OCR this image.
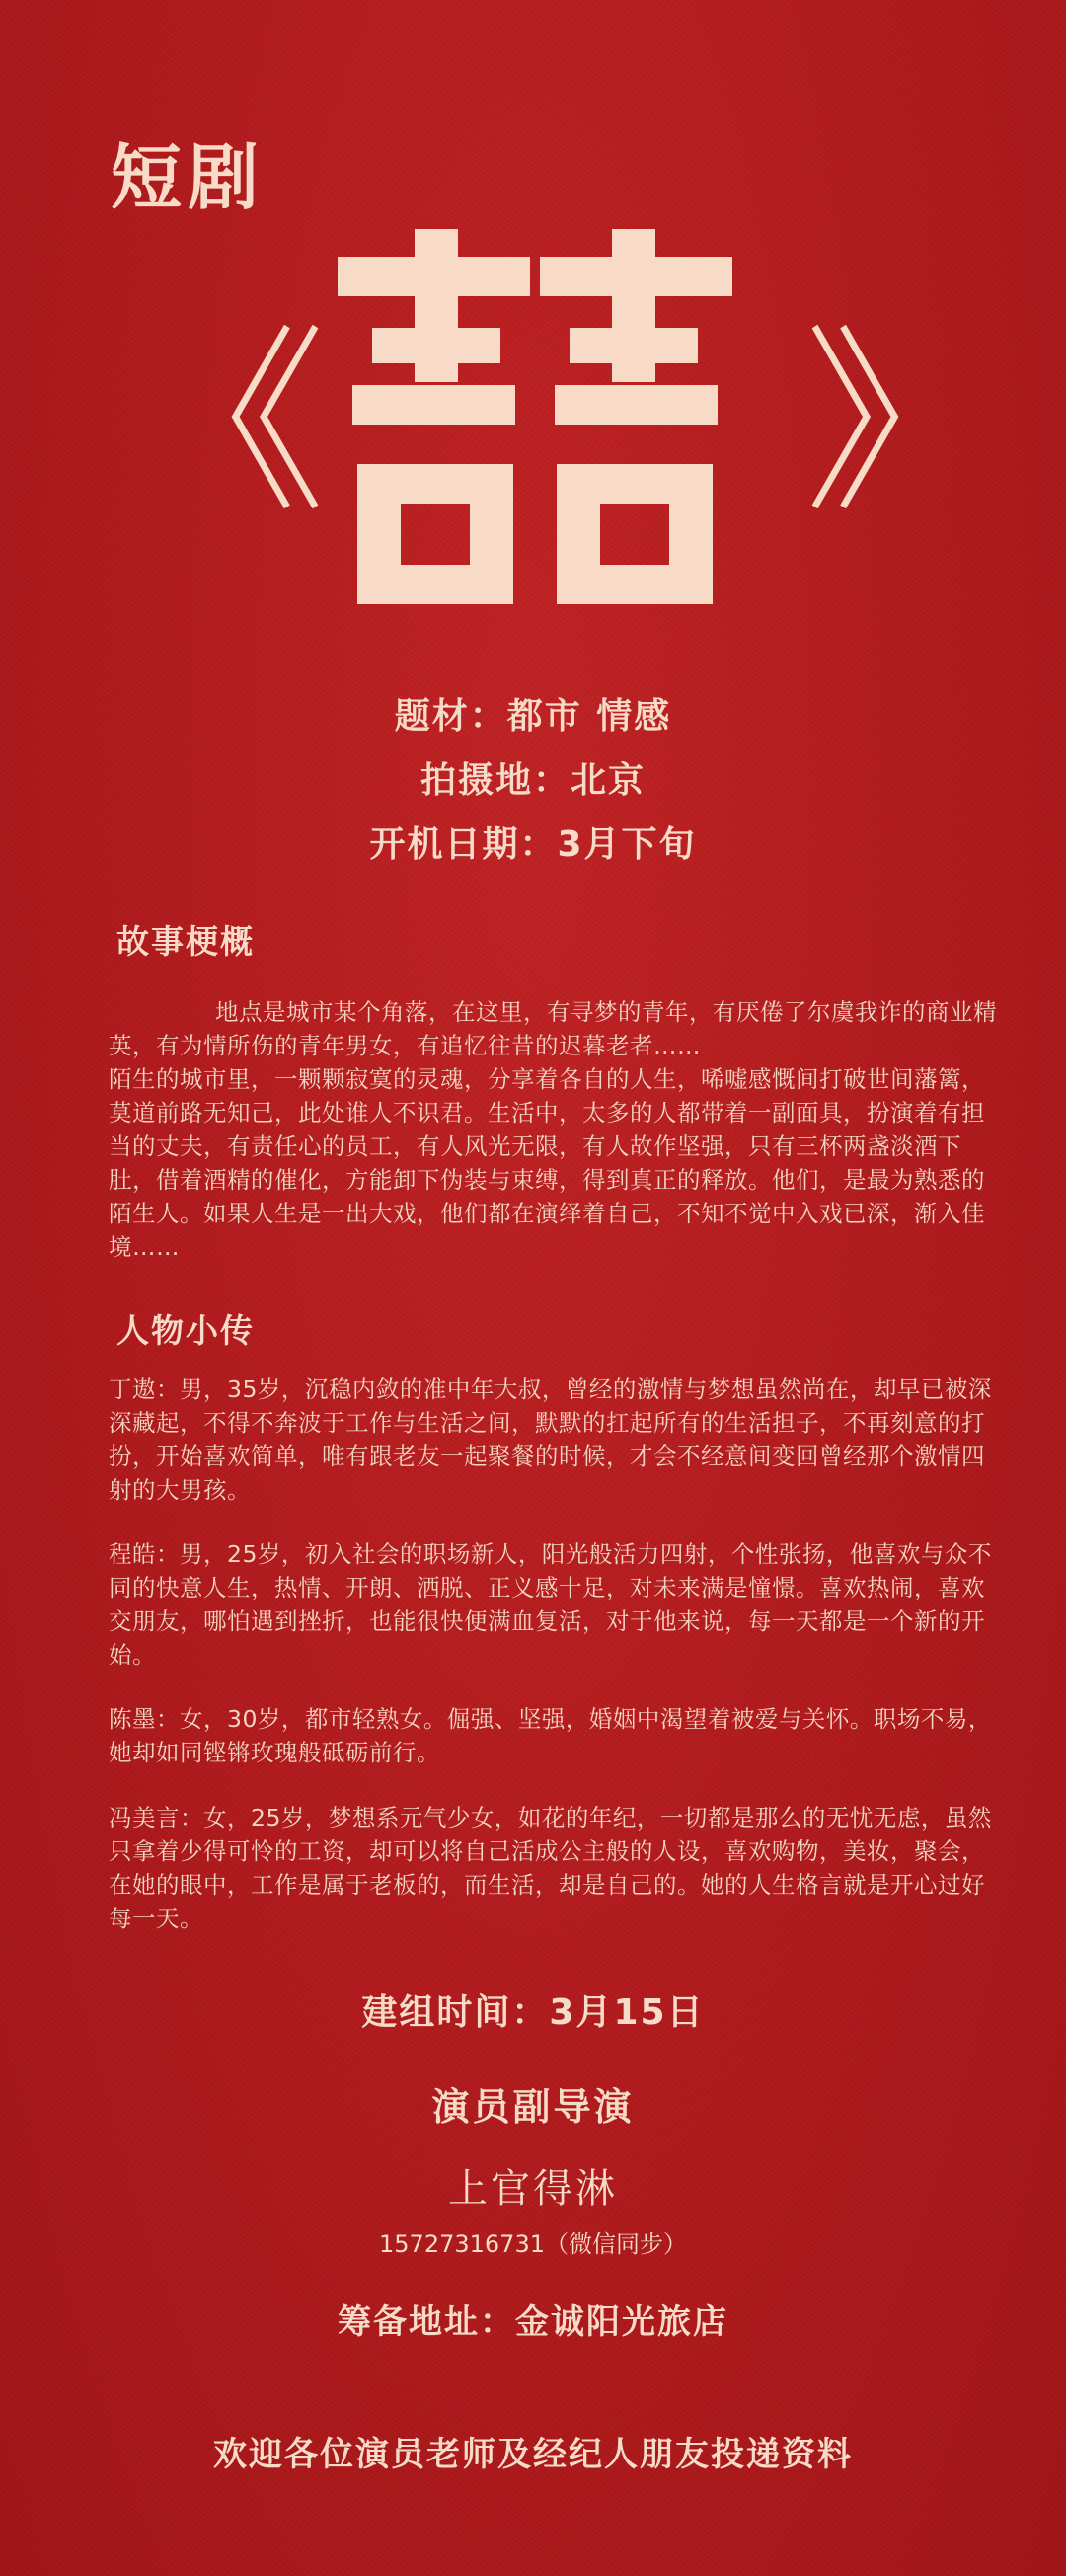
短剧
《 》
题材：都市 情感
拍摄地：北京
开机日期：3月下旬
故事梗概
地点是城市某个角落，在这里，有寻梦的青年，有厌倦了尔虞我诈的商业精英，有为情所伤的青年男女，有追忆往昔的迟暮老者……
陌生的城市里，一颗颗寂寞的灵魂，分享着各自的人生，唏嘘感慨间打破世间藩篱，莫道前路无知己，此处谁人不识君。生活中，太多的人都带着一副面具，扮演着有担当的丈夫，有责任心的员工，有人风光无限，有人故作坚强，只有三杯两盏淡酒下肚，借着酒精的催化，方能卸下伪装与束缚，得到真正的释放。他们，是最为熟悉的陌生人。如果人生是一出大戏，他们都在演绎着自己，不知不觉中入戏已深，渐入佳境……
人物小传
丁遨：男，35岁，沉稳内敛的准中年大叔，曾经的激情与梦想虽然尚在，却早已被深深藏起，不得不奔波于工作与生活之间，默默的扛起所有的生活担子，不再刻意的打扮，开始喜欢简单，唯有跟老友一起聚餐的时候，才会不经意间变回曾经那个激情四射的大男孩。
程皓：男，25岁，初入社会的职场新人，阳光般活力四射，个性张扬，他喜欢与众不同的快意人生，热情、开朗、洒脱、正义感十足，对未来满是憧憬。喜欢热闹，喜欢交朋友，哪怕遇到挫折，也能很快便满血复活，对于他来说，每一天都是一个新的开始。
陈墨：女，30岁，都市轻熟女。倔强、坚强，婚姻中渴望着被爱与关怀。职场不易，她却如同铿锵玫瑰般砥砺前行。
冯美言：女，25岁，梦想系元气少女，如花的年纪，一切都是那么的无忧无虑，虽然只拿着少得可怜的工资，却可以将自己活成公主般的人设，喜欢购物，美妆，聚会，在她的眼中，工作是属于老板的，而生活，却是自己的。她的人生格言就是开心过好每一天。
建组时间：3月15日
演员副导演
上官得淋
15727316731（微信同步）
筹备地址：金诚阳光旅店
欢迎各位演员老师及经纪人朋友投递资料
